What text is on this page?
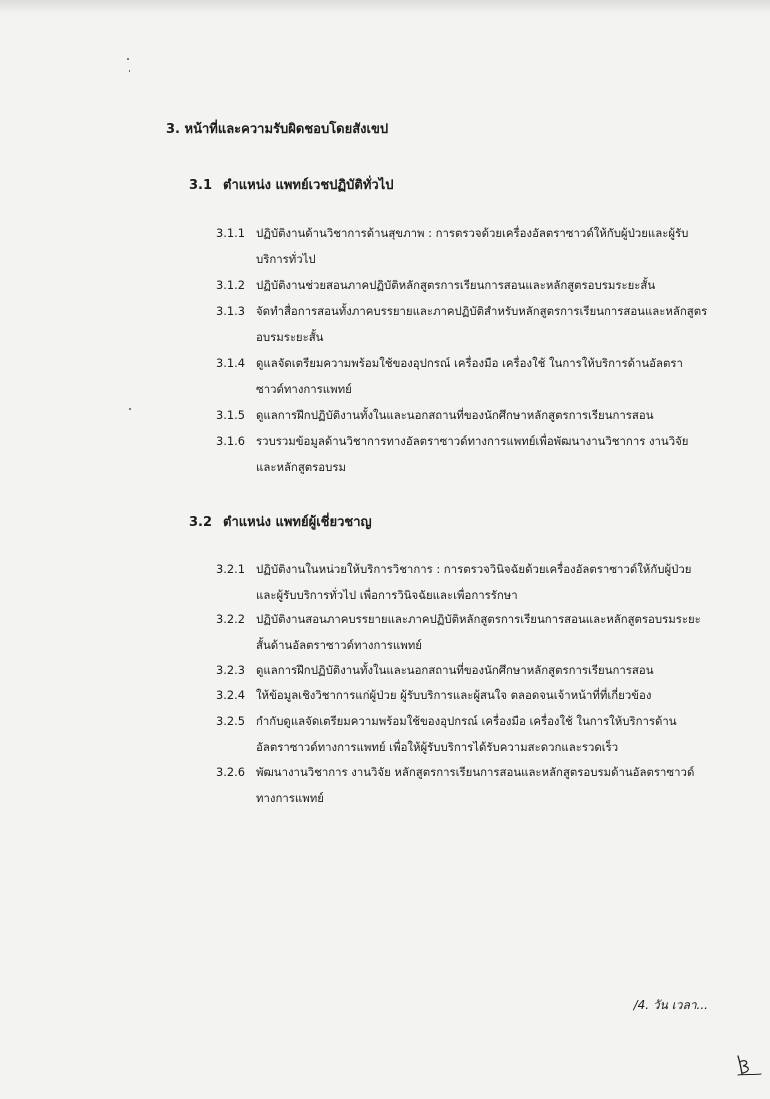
3. หน้าที่และความรับผิดชอบโดยสังเขป
3.1 ตำแหน่ง แพทย์เวชปฏิบัติทั่วไป
3.1.1 ปฏิบัติงานด้านวิชาการด้านสุขภาพ : การตรวจด้วยเครื่องอัลตราซาวด์ให้กับผู้ป่วยและผู้รับบริการทั่วไป
3.1.2 ปฏิบัติงานช่วยสอนภาคปฏิบัติหลักสูตรการเรียนการสอนและหลักสูตรอบรมระยะสั้น
3.1.3 จัดทำสื่อการสอนทั้งภาคบรรยายและภาคปฏิบัติสำหรับหลักสูตรการเรียนการสอนและหลักสูตรอบรมระยะสั้น
3.1.4 ดูแลจัดเตรียมความพร้อมใช้ของอุปกรณ์ เครื่องมือ เครื่องใช้ ในการให้บริการด้านอัลตราซาวด์ทางการแพทย์
3.1.5 ดูแลการฝึกปฏิบัติงานทั้งในและนอกสถานที่ของนักศึกษาหลักสูตรการเรียนการสอน
3.1.6 รวบรวมข้อมูลด้านวิชาการทางอัลตราซาวด์ทางการแพทย์เพื่อพัฒนางานวิชาการ งานวิจัยและหลักสูตรอบรม
3.2 ตำแหน่ง แพทย์ผู้เชี่ยวชาญ
3.2.1 ปฏิบัติงานในหน่วยให้บริการวิชาการ : การตรวจวินิจฉัยด้วยเครื่องอัลตราซาวด์ให้กับผู้ป่วยและผู้รับบริการทั่วไป เพื่อการวินิจฉัยและเพื่อการรักษา
3.2.2 ปฏิบัติงานสอนภาคบรรยายและภาคปฏิบัติหลักสูตรการเรียนการสอนและหลักสูตรอบรมระยะสั้นด้านอัลตราซาวด์ทางการแพทย์
3.2.3 ดูแลการฝึกปฏิบัติงานทั้งในและนอกสถานที่ของนักศึกษาหลักสูตรการเรียนการสอน
3.2.4 ให้ข้อมูลเชิงวิชาการแก่ผู้ป่วย ผู้รับบริการและผู้สนใจ ตลอดจนเจ้าหน้าที่ที่เกี่ยวข้อง
3.2.5 กำกับดูแลจัดเตรียมความพร้อมใช้ของอุปกรณ์ เครื่องมือ เครื่องใช้ ในการให้บริการด้านอัลตราซาวด์ทางการแพทย์ เพื่อให้ผู้รับบริการได้รับความสะดวกและรวดเร็ว
3.2.6 พัฒนางานวิชาการ งานวิจัย หลักสูตรการเรียนการสอนและหลักสูตรอบรมด้านอัลตราซาวด์ทางการแพทย์
/4. วัน เวลา...
